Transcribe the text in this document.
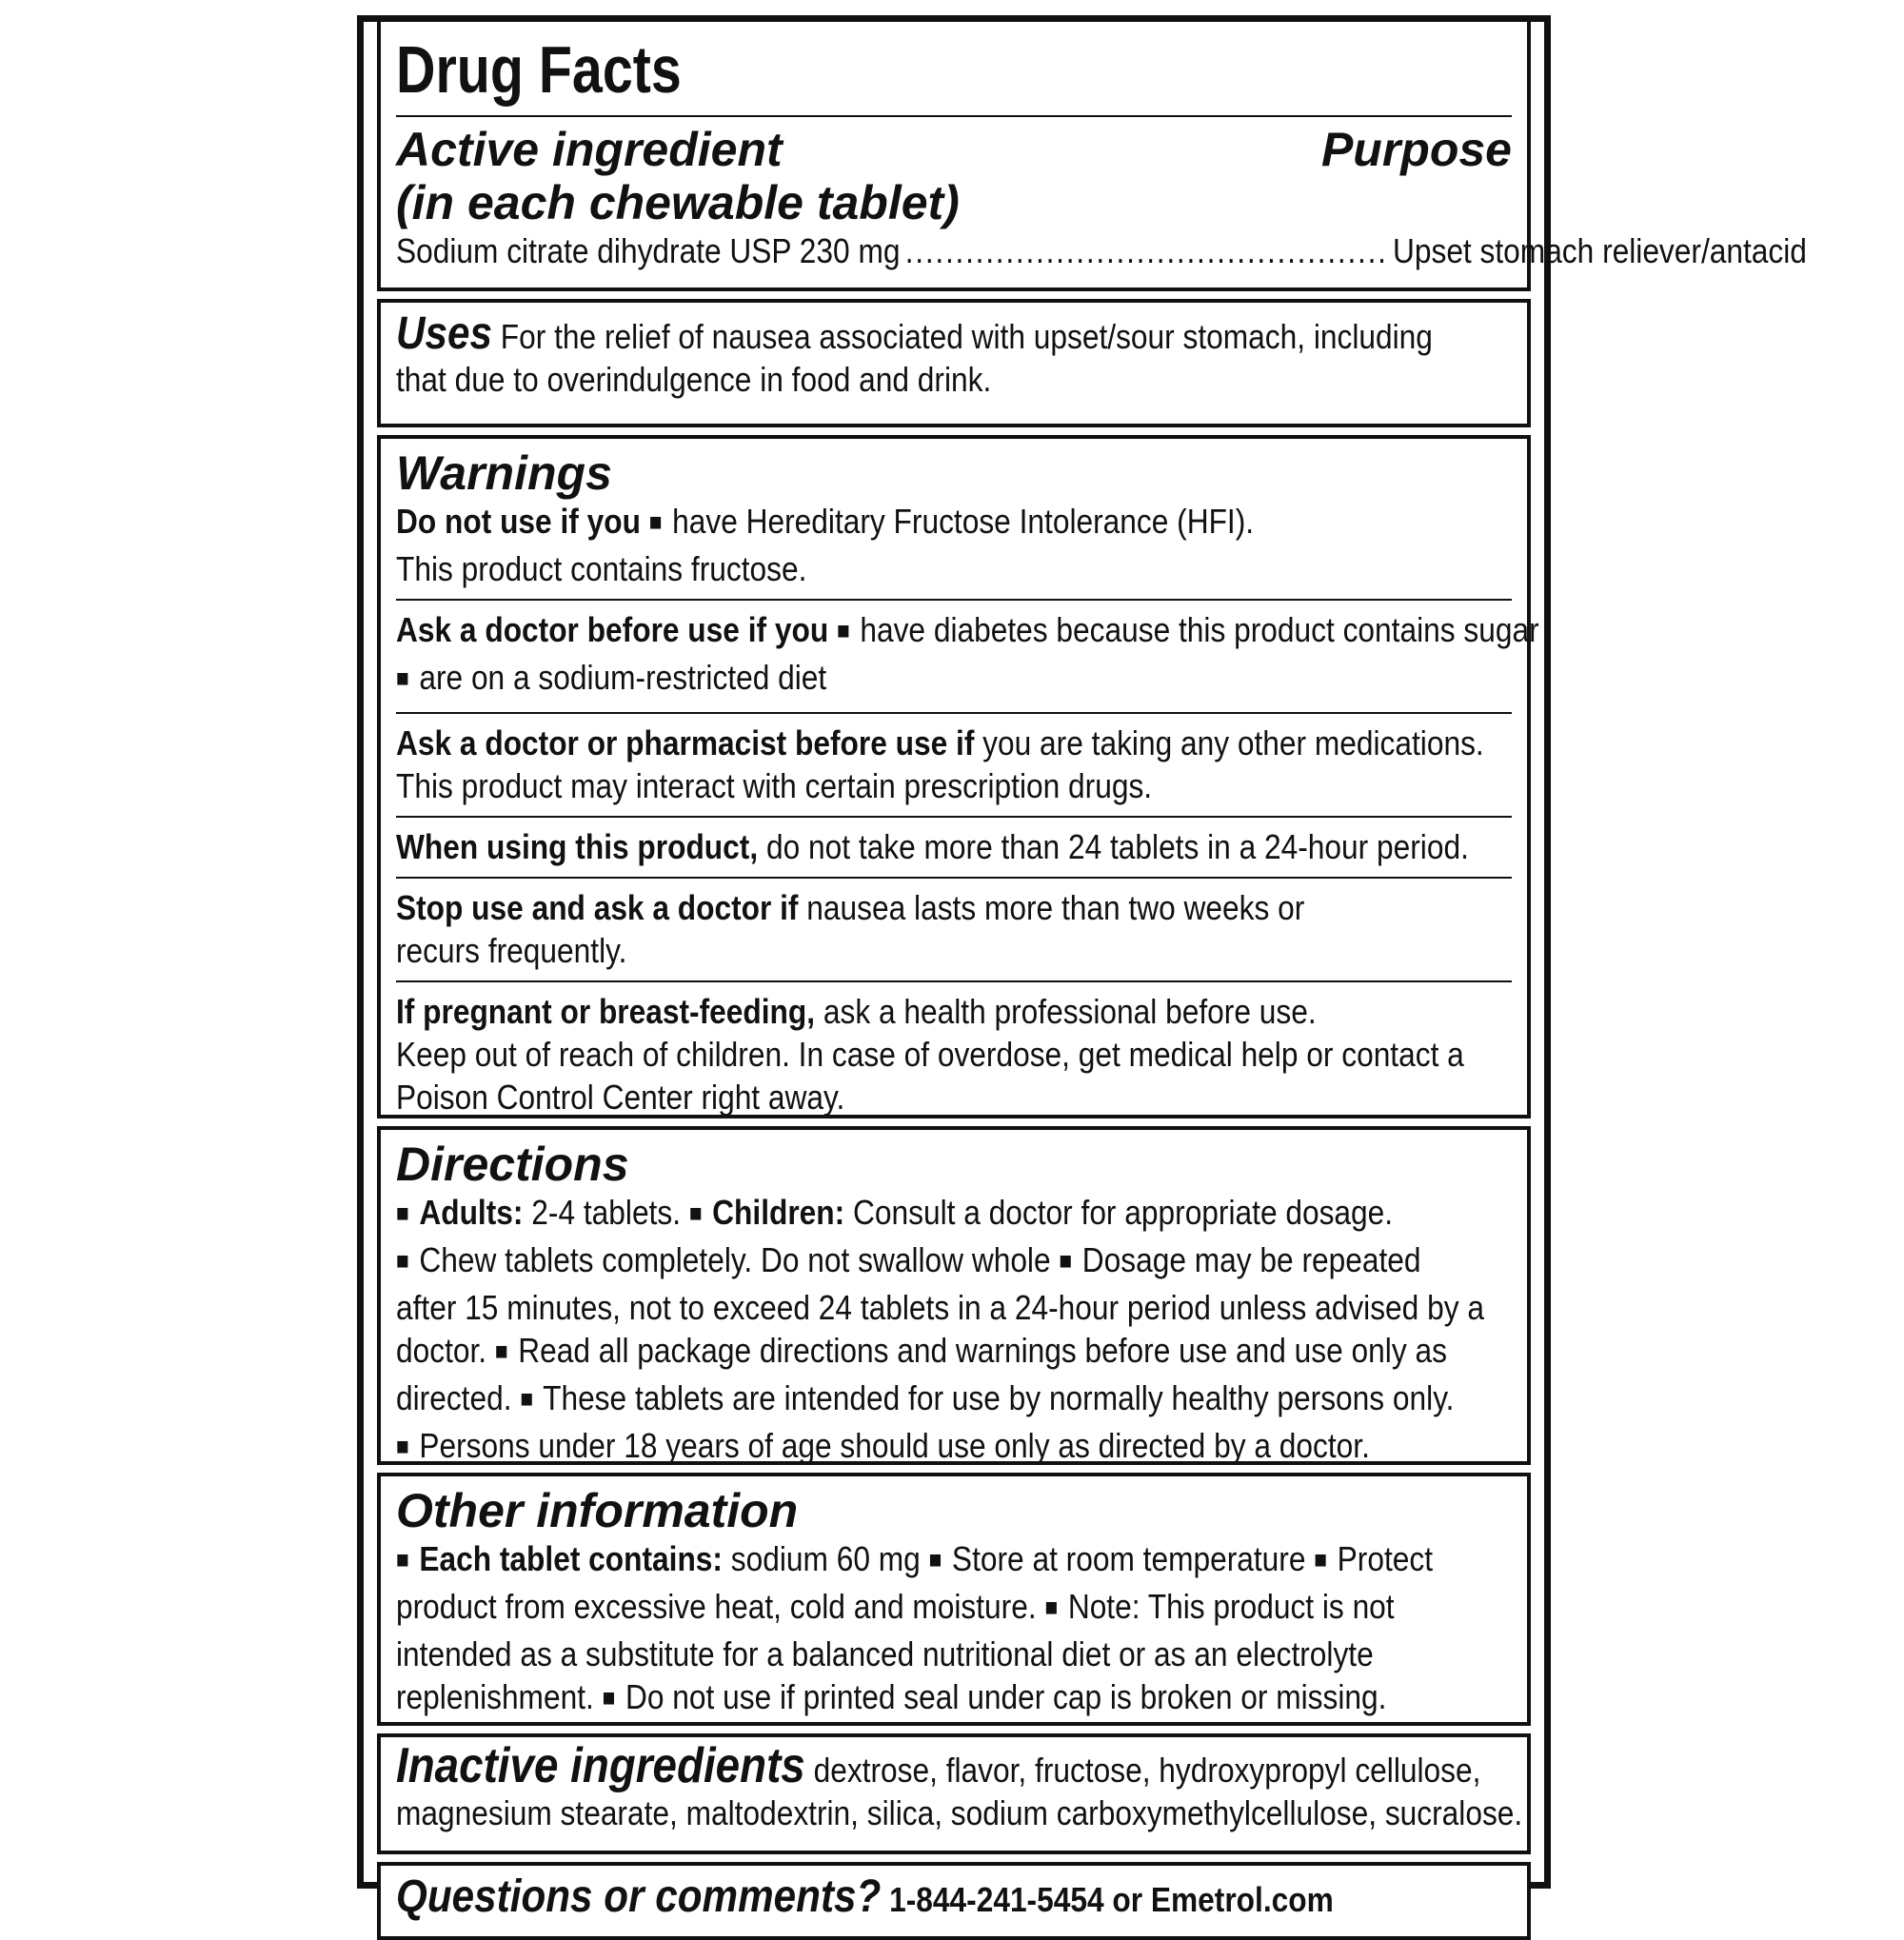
Drug Facts
Active ingredient	Purpose
(in each chewable tablet)
Sodium citrate dihydrate USP 230 mg ................................................ Upset stomach reliever/antacid
Uses For the relief of nausea associated with upset/sour stomach, including
that due to overindulgence in food and drink.
Warnings
Do not use if you ■ have Hereditary Fructose Intolerance (HFI).
This product contains fructose.
Ask a doctor before use if you ■ have diabetes because this product contains sugar
■ are on a sodium-restricted diet
Ask a doctor or pharmacist before use if you are taking any other medications.
This product may interact with certain prescription drugs.
When using this product, do not take more than 24 tablets in a 24-hour period.
Stop use and ask a doctor if nausea lasts more than two weeks or
recurs frequently.
If pregnant or breast-feeding, ask a health professional before use.
Keep out of reach of children. In case of overdose, get medical help or contact a
Poison Control Center right away.
Directions
■ Adults: 2-4 tablets. ■ Children: Consult a doctor for appropriate dosage.
■ Chew tablets completely. Do not swallow whole ■ Dosage may be repeated
after 15 minutes, not to exceed 24 tablets in a 24-hour period unless advised by a
doctor. ■ Read all package directions and warnings before use and use only as
directed. ■ These tablets are intended for use by normally healthy persons only.
■ Persons under 18 years of age should use only as directed by a doctor.
Other information
■ Each tablet contains: sodium 60 mg ■ Store at room temperature ■ Protect
product from excessive heat, cold and moisture. ■ Note: This product is not
intended as a substitute for a balanced nutritional diet or as an electrolyte
replenishment. ■ Do not use if printed seal under cap is broken or missing.
Inactive ingredients dextrose, flavor, fructose, hydroxypropyl cellulose,
magnesium stearate, maltodextrin, silica, sodium carboxymethylcellulose, sucralose.
Questions or comments? 1-844-241-5454 or Emetrol.com
